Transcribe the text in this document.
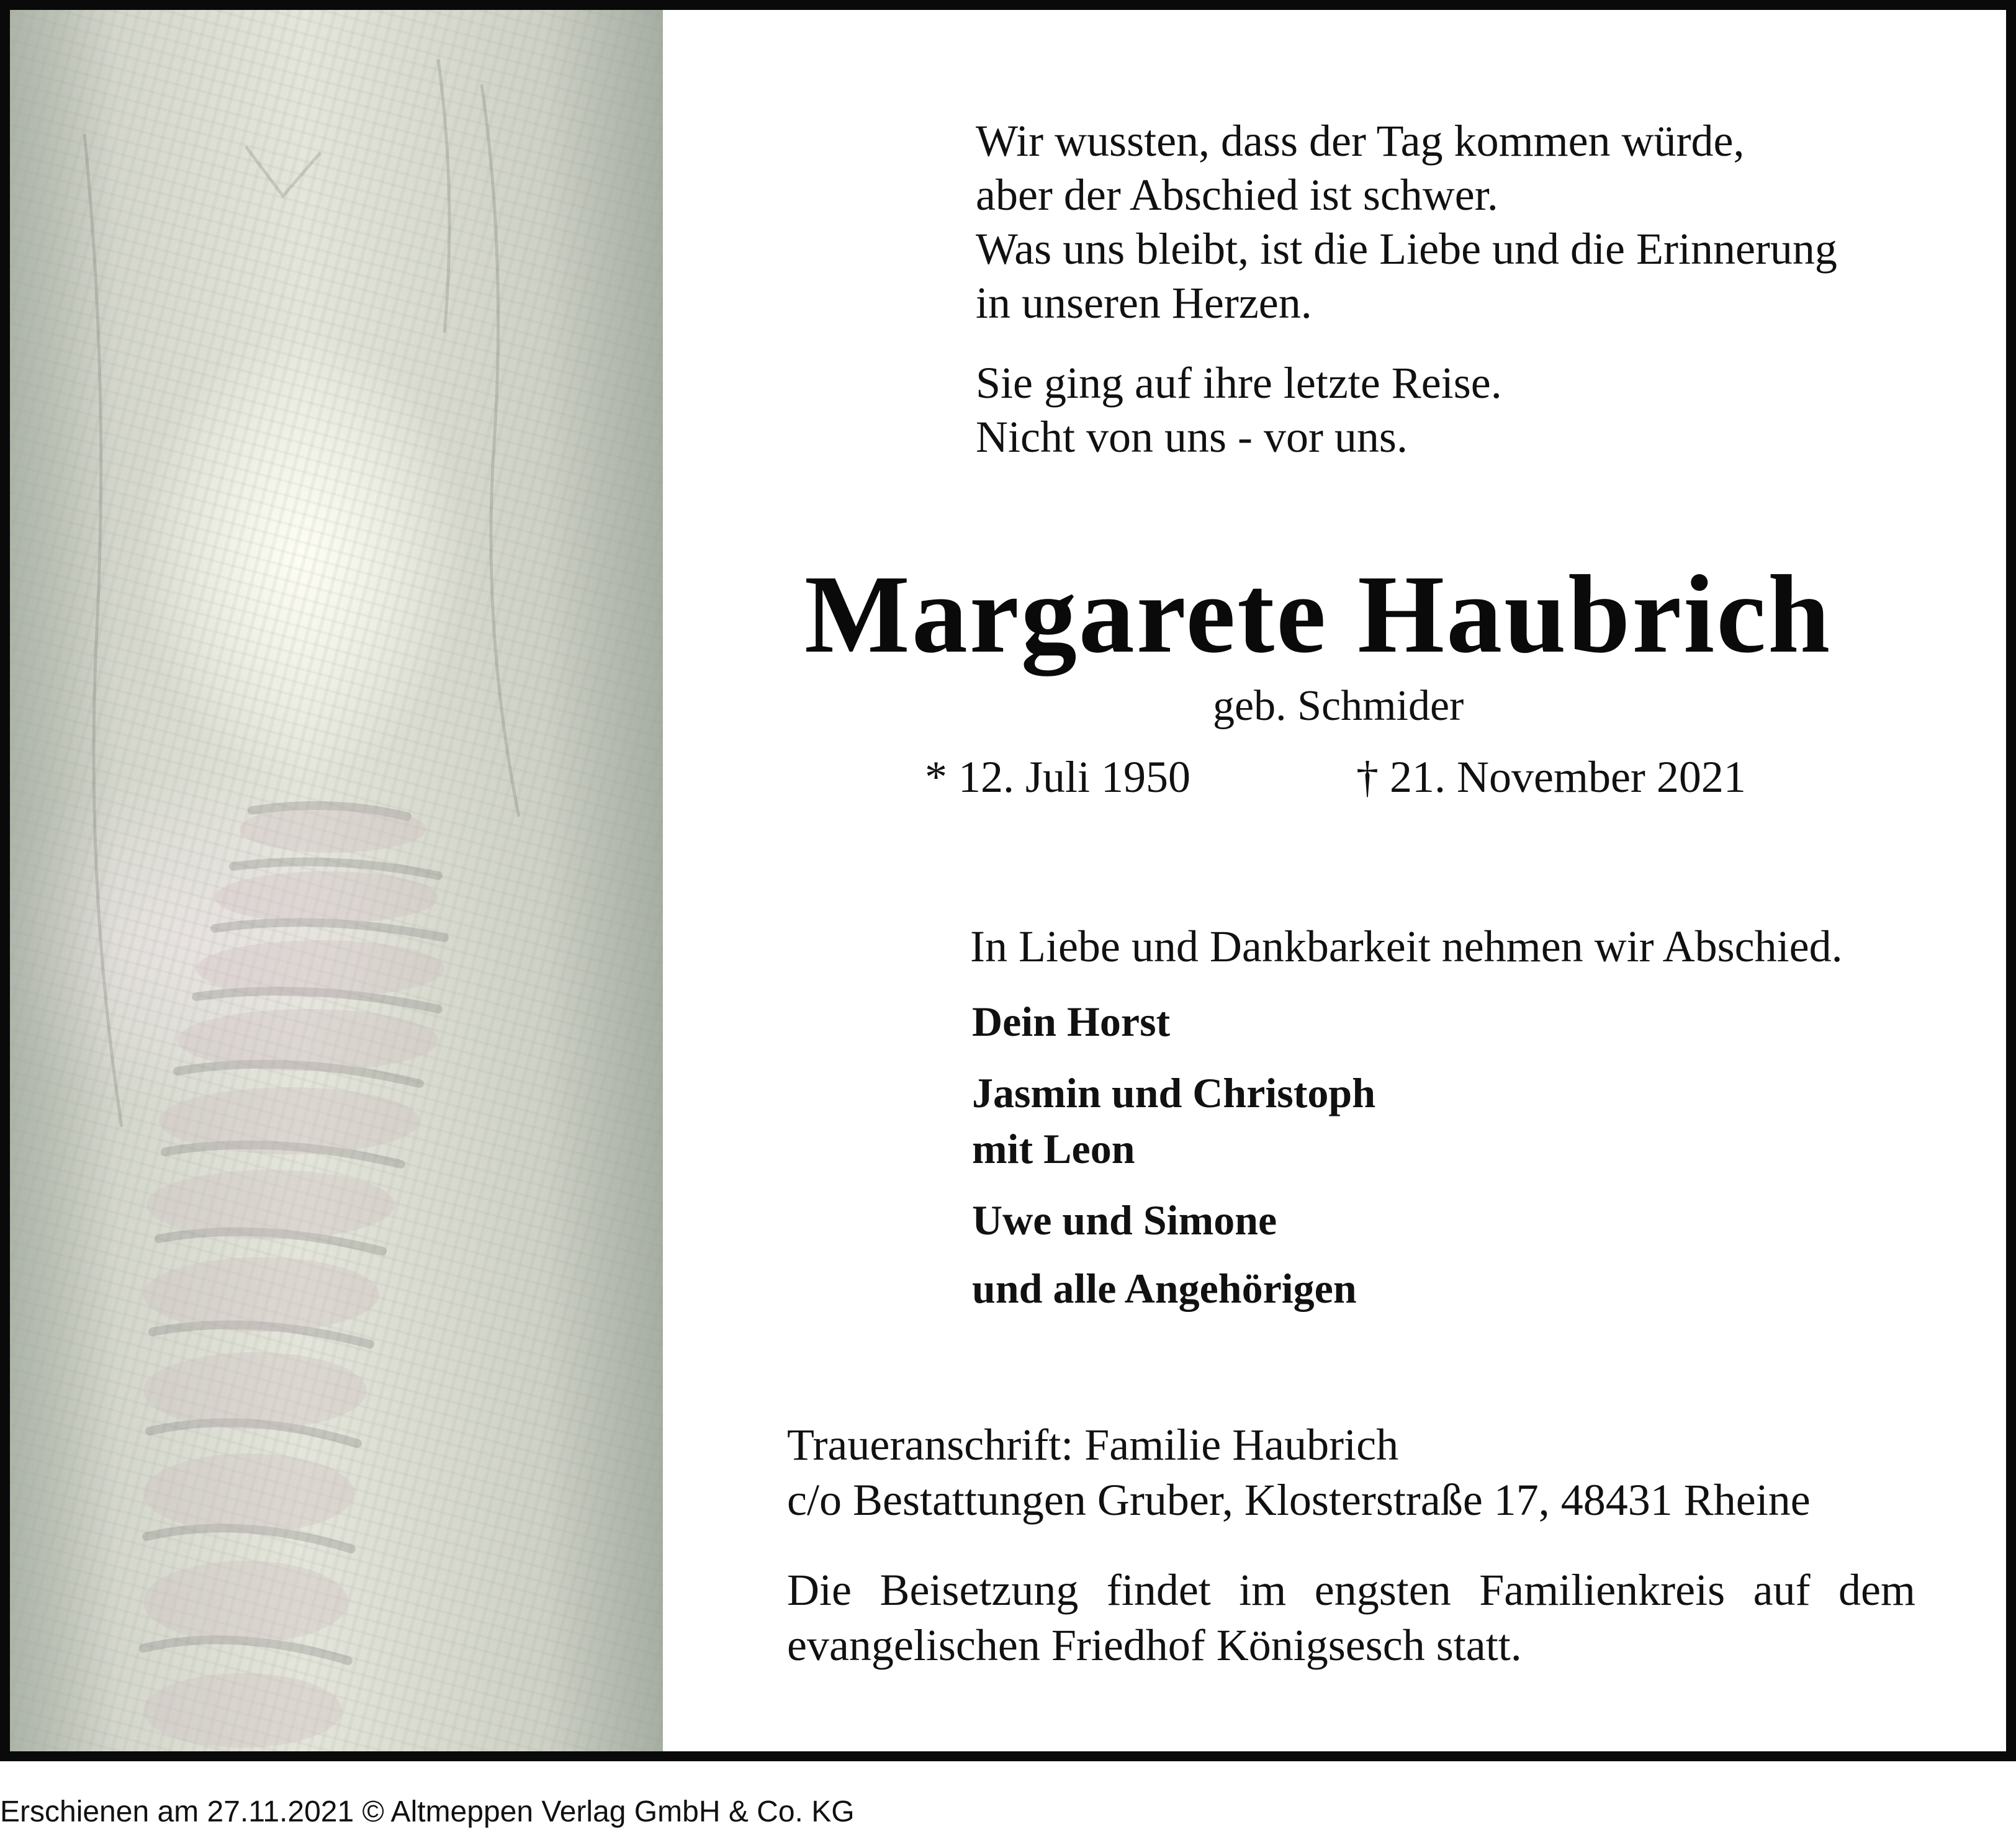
Wir wussten, dass der Tag kommen würde,
aber der Abschied ist schwer.
Was uns bleibt, ist die Liebe und die Erinnerung
in unseren Herzen.
Sie ging auf ihre letzte Reise.
Nicht von uns - vor uns.
Margarete Haubrich
geb. Schmider
* 12. Juli 1950	† 21. November 2021
In Liebe und Dankbarkeit nehmen wir Abschied.
Dein Horst
Jasmin und Christoph
mit Leon
Uwe und Simone
und alle Angehörigen
Traueranschrift: Familie Haubrich
c/o Bestattungen Gruber, Klosterstraße 17, 48431 Rheine
Die Beisetzung findet im engsten Familienkreis auf dem
evangelischen Friedhof Königsesch statt.
Erschienen am 27.11.2021 © Altmeppen Verlag GmbH & Co. KG
